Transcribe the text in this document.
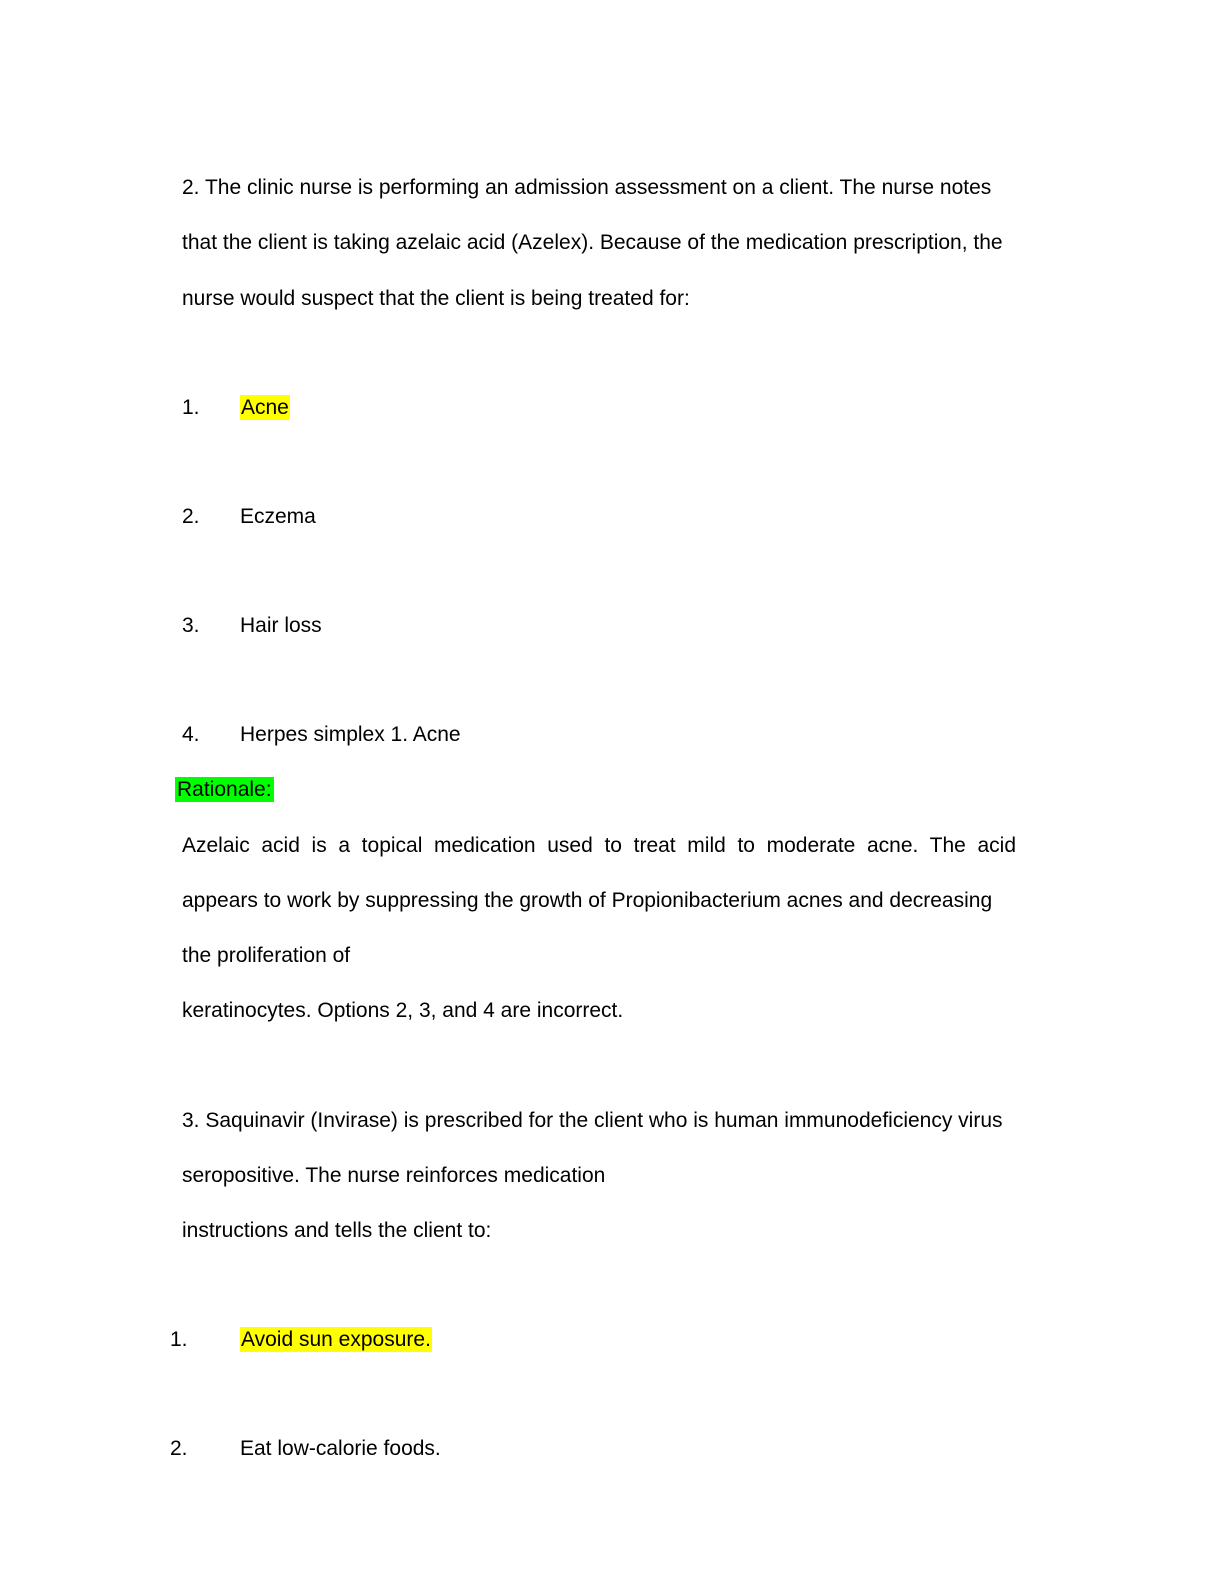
2. The clinic nurse is performing an admission assessment on a client. The nurse notes
that the client is taking azelaic acid (Azelex). Because of the medication prescription, the
nurse would suspect that the client is being treated for:
1. Acne
2. Eczema
3. Hair loss
4. Herpes simplex 1. Acne
Rationale:
Azelaic acid is a topical medication used to treat mild to moderate acne. The acid
appears to work by suppressing the growth of Propionibacterium acnes and decreasing
the proliferation of
keratinocytes. Options 2, 3, and 4 are incorrect.
3. Saquinavir (Invirase) is prescribed for the client who is human immunodeficiency virus
seropositive. The nurse reinforces medication
instructions and tells the client to:
1.	Avoid sun exposure.
2. Eat low-calorie foods.
